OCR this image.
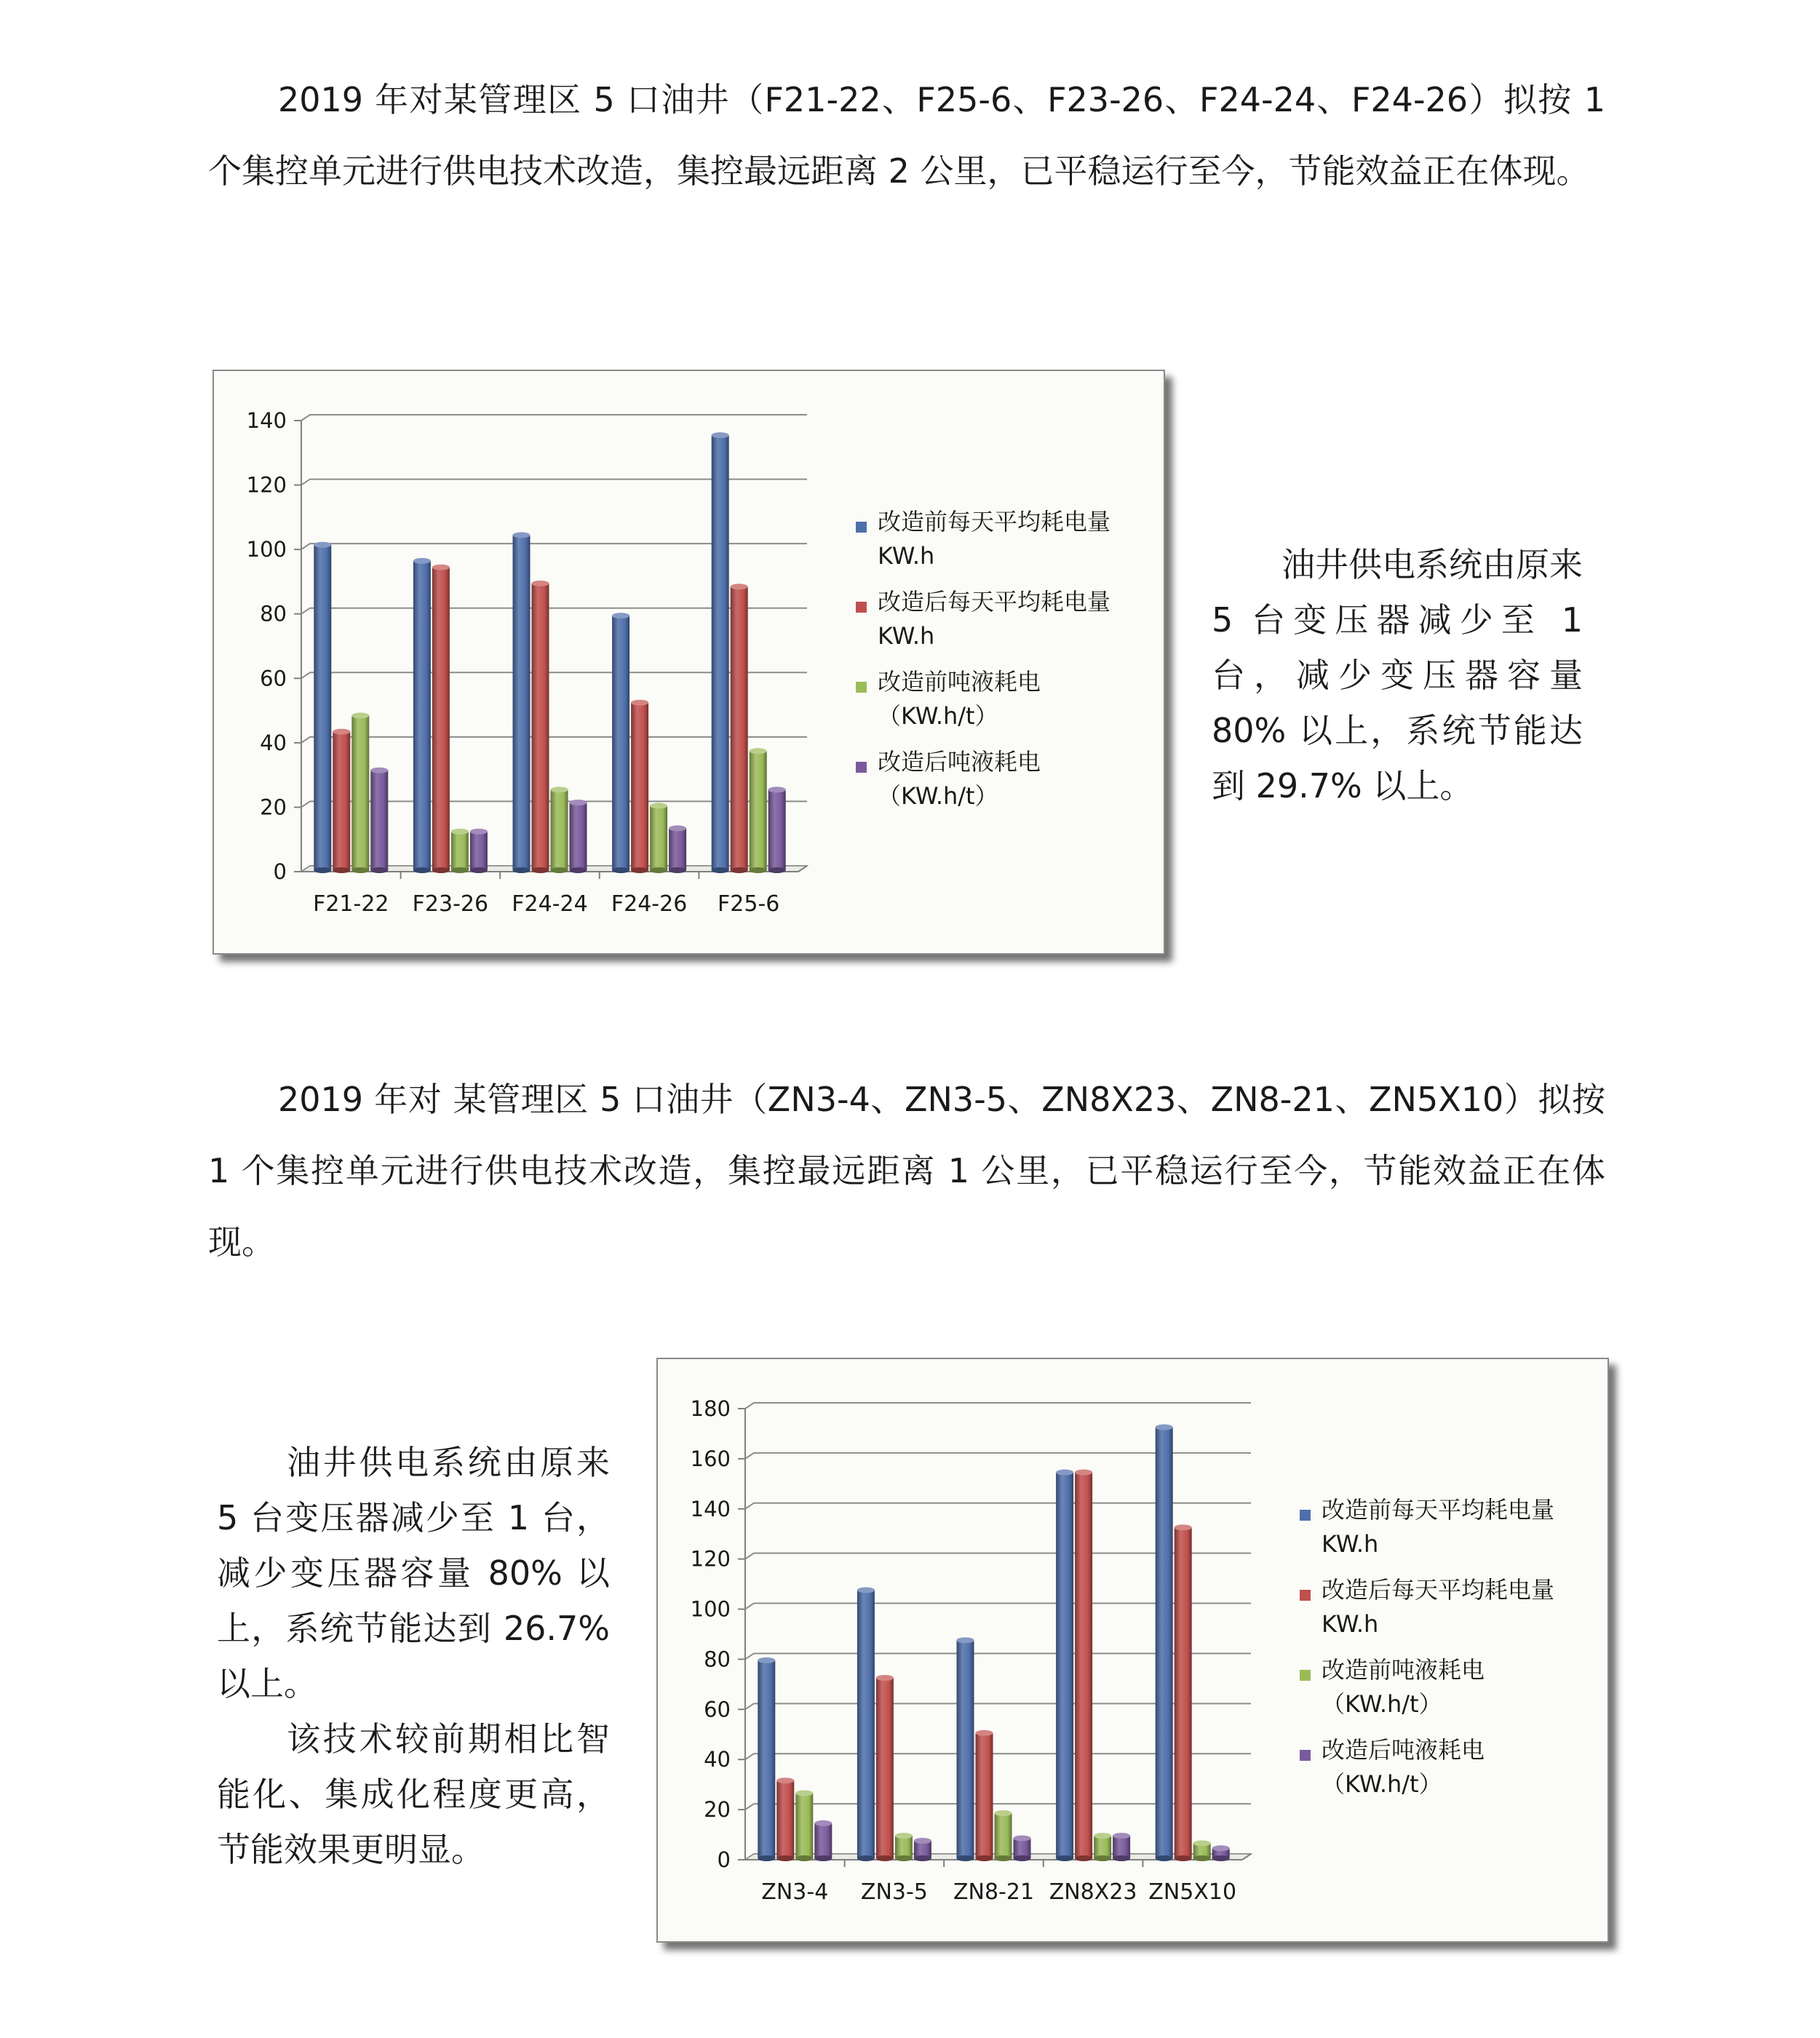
2019 年对某管理区 5 口油井（F21-22、F25-6、F23-26、F24-24、F24-26）拟按 1 个集控单元进行供电技术改造，集控最远距离 2 公里，已平稳运行至今，节能效益正在体现。

0
20
40
60
80
100
120
140
F21-22 F23-26 F24-24 F24-26 F25-6
改造前每天平均耗电量
KW.h
改造后每天平均耗电量
KW.h
改造前吨液耗电
（KW.h/t）
改造后吨液耗电
（KW.h/t）

油井供电系统由原来 5 台变压器减少至 1 台，减少变压器容量 80% 以上，系统节能达到 29.7% 以上。

2019 年对 某管理区 5 口油井（ZN3-4、ZN3-5、ZN8X23、ZN8-21、ZN5X10）拟按 1 个集控单元进行供电技术改造，集控最远距离 1 公里，已平稳运行至今，节能效益正在体现。

油井供电系统由原来 5 台变压器减少至 1 台，减少变压器容量 80% 以上，系统节能达到 26.7% 以上。

该技术较前期相比智能化、集成化程度更高，节能效果更明显。	0
20
40
60
80
100
120
140
160
180
ZN3-4 ZN3-5 ZN8-21 ZN8X23 ZN5X10
改造前每天平均耗电量
KW.h
改造后每天平均耗电量
KW.h
改造前吨液耗电
（KW.h/t）
改造后吨液耗电
（KW.h/t）
